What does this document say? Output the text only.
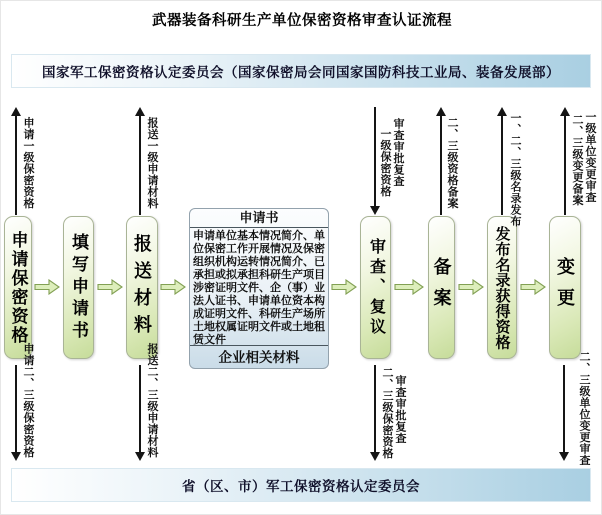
武器装备科研生产单位保密资格审查认证流程
国家军工保密资格认定委员会（国家保密局会同国家国防科技工业局、装备发展部）
申请保密资格 填写申请书 报送材料	审查、复议	备案	发布名录获得资格 变更
申请书
申请单位基本情况简介、单位保密工作开展情况及保密组织机构运转情况简介、已承担或拟承担科研生产项目涉密证明文件、企（事）业法人证书、申请单位资本构成证明文件、科研生产场所土地权属证明文件或土地租赁文件
企业相关材料
申请一级保密资格	报送一级申请材料	一级保密资格 审查审批复查	二、三级资格备案	一、二、三级名录发布	二、三级变更备案 一级单位变更审查
申请二、三级保密资格	报送二、三级申请材料	二、三级保密资格 审查审批复查	二、三级单位变更审查
省（区、市）军工保密资格认定委员会
